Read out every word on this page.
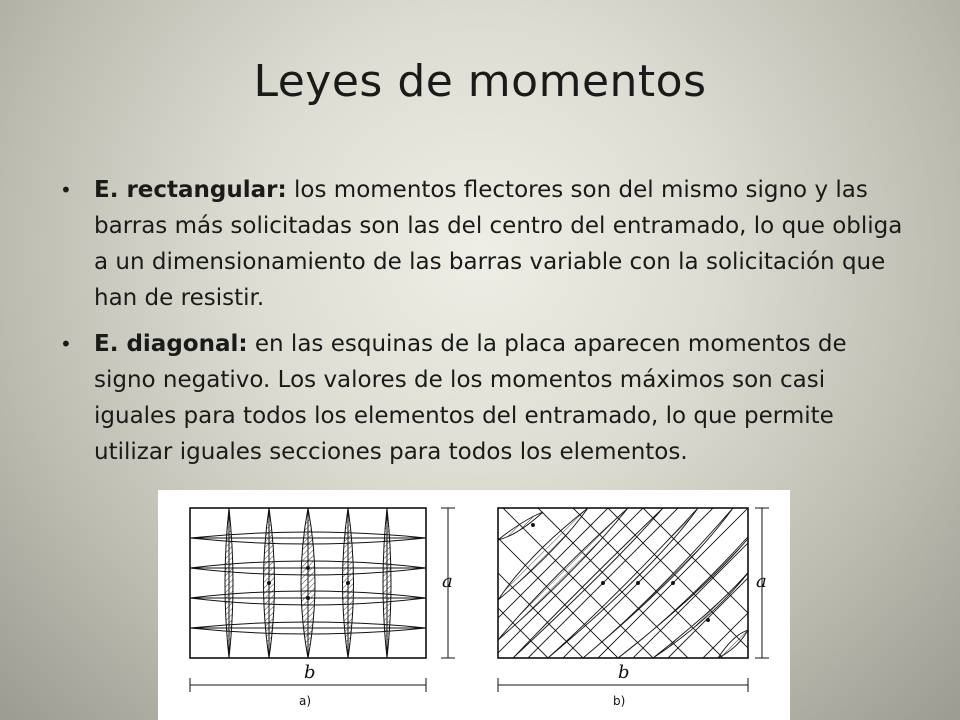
Leyes de momentos
• E. rectangular: los momentos flectores son del mismo signo y las barras más solicitadas son las del centro del entramado, lo que obliga a un dimensionamiento de las barras variable con la solicitación que han de resistir.
• E. diagonal: en las esquinas de la placa aparecen momentos de signo negativo. Los valores de los momentos máximos son casi iguales para todos los elementos del entramado, lo que permite utilizar iguales secciones para todos los elementos.
a
b
a)
a
b
b)
